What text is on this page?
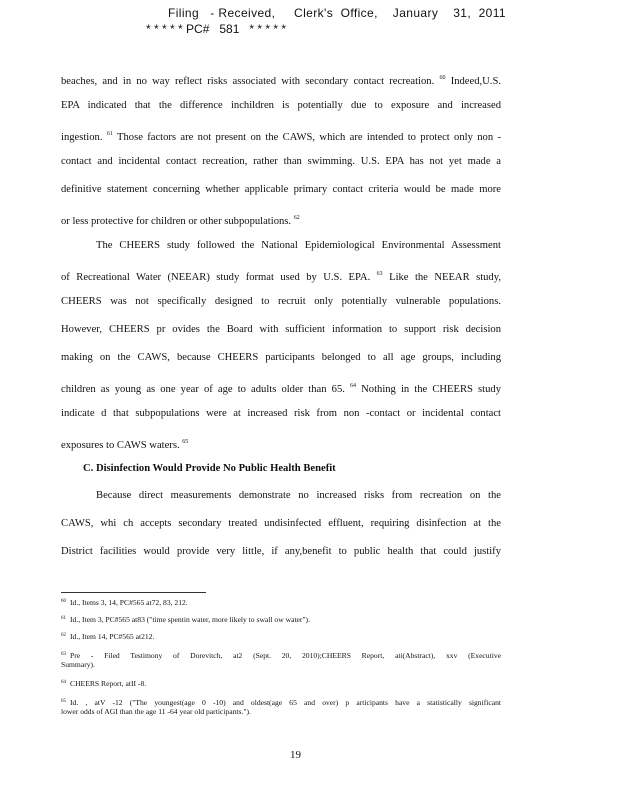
Filing   - Received,     Clerk's  Office,    January    31,  2011
* * * * * PC#   581   * * * * *
beaches, and in no way reflect risks associated with secondary contact recreation. $^{60}$ Indeed,U.S.
EPA indicated that the difference inchildren is potentially due to exposure and increased
ingestion. $^{61}$ Those factors are not present on the CAWS, which are intended to protect only non -
contact and incidental contact recreation, rather than swimming. U.S. EPA has not yet made a
definitive statement concerning whether applicable primary contact criteria would be made more
or less protective for children or other subpopulations. $^{62}$
The CHEERS study followed the National Epidemiological Environmental Assessment
of Recreational Water (NEEAR) study format used by U.S. EPA. $^{63}$ Like the NEEAR study,
CHEERS was not specifically designed to recruit only potentially vulnerable populations.
However, CHEERS pr ovides the Board with sufficient information to support risk decision
making on the CAWS, because CHEERS participants belonged to all age groups, including
children as young as one year of age to adults older than 65. $^{64}$ Nothing in the CHEERS study
indicate d that subpopulations were at increased risk from non -contact or incidental contact
exposures to CAWS waters. $^{65}$
C. Disinfection Would Provide No Public Health Benefit
Because direct measurements demonstrate no increased risks from recreation on the
CAWS, whi ch accepts secondary treated undisinfected effluent, requiring disinfection at the
District facilities would provide very little, if any,benefit to public health that could justify
$^{60}$ Id., Items 3, 14, PC#565 at72, 83, 212.
$^{61}$ Id., Item 3, PC#565 at83 ("time spentin water, more likely to swall ow water").
$^{62}$ Id., Item 14, PC#565 at212.
$^{63}$ Pre - Filed Testimony of Dorevitch, at2 (Sept. 20, 2010);CHEERS Report, ati(Abstract), xxv (Executive
Summary).
$^{64}$ CHEERS Report, atII -8.
$^{65}$ Id. , atV -12 ("The youngest(age 0 -10) and oldest(age 65 and over) p articipants have a statistically significant
lower odds of AGI than the age 11 -64 year old participants.").
19
